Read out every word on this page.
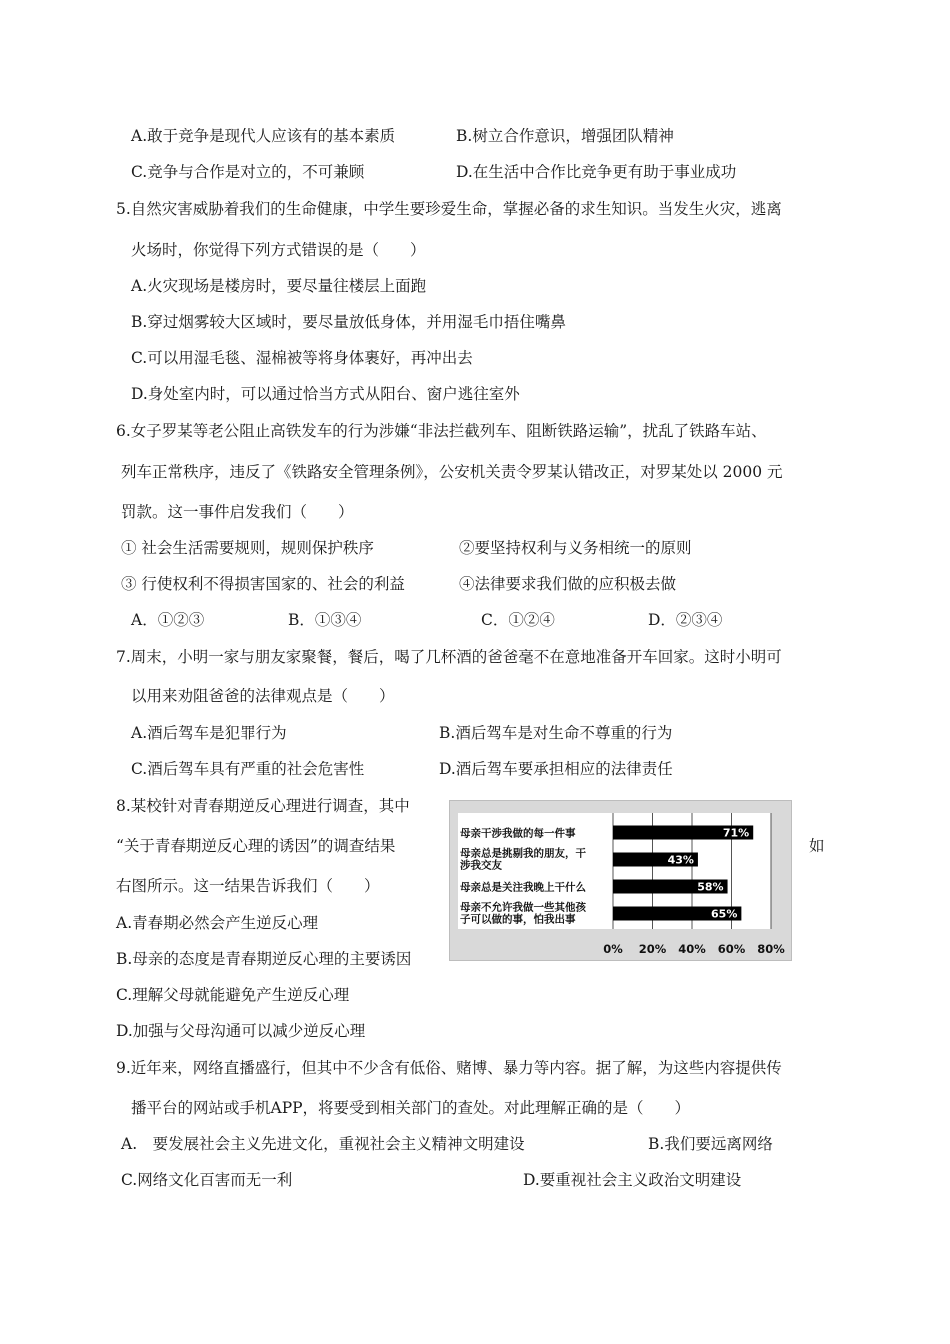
A.敢于竞争是现代人应该有的基本素质	B.树立合作意识，增强团队精神
C.竞争与合作是对立的，不可兼顾	D.在生活中合作比竞争更有助于事业成功
5.自然灾害威胁着我们的生命健康，中学生要珍爱生命，掌握必备的求生知识。当发生火灾，逃离
火场时，你觉得下列方式错误的是（　　）
A.火灾现场是楼房时，要尽量往楼层上面跑
B.穿过烟雾较大区域时，要尽量放低身体，并用湿毛巾捂住嘴鼻
C.可以用湿毛毯、湿棉被等将身体裹好，再冲出去
D.身处室内时，可以通过恰当方式从阳台、窗户逃往室外
6.女子罗某等老公阻止高铁发车的行为涉嫌“非法拦截列车、阻断铁路运输”，扰乱了铁路车站、
列车正常秩序，违反了《铁路安全管理条例》，公安机关责令罗某认错改正，对罗某处以 2000 元
罚款。这一事件启发我们（　　）
① 社会生活需要规则，规则保护秩序	②要坚持权利与义务相统一的原则
③ 行使权利不得损害国家的、社会的利益	④法律要求我们做的应积极去做
A．①②③	B．①③④	C．①②④	D．②③④
7.周末，小明一家与朋友家聚餐，餐后，喝了几杯酒的爸爸毫不在意地准备开车回家。这时小明可
以用来劝阻爸爸的法律观点是（　　）
A.酒后驾车是犯罪行为	B.酒后驾车是对生命不尊重的行为
C.酒后驾车具有严重的社会危害性	D.酒后驾车要承担相应的法律责任
8.某校针对青春期逆反心理进行调查，其中
“关于青春期逆反心理的诱因”的调查结果	如
右图所示。这一结果告诉我们（　　）
A.青春期必然会产生逆反心理
B.母亲的态度是青春期逆反心理的主要诱因
C.理解父母就能避免产生逆反心理
D.加强与父母沟通可以减少逆反心理
71%
母亲干涉我做的每一件事
43%
母亲总是挑剔我的朋友，干涉我交友
58%
母亲总是关注我晚上干什么
65%
母亲不允许我做一些其他孩子可以做的事，怕我出事
0% 20% 40% 60% 80%
9.近年来，网络直播盛行，但其中不少含有低俗、赌博、暴力等内容。据了解，为这些内容提供传
播平台的网站或手机APP，将要受到相关部门的查处。对此理解正确的是（　　）
A.　要发展社会主义先进文化，重视社会主义精神文明建设	B.我们要远离网络
C.网络文化百害而无一利	D.要重视社会主义政治文明建设
